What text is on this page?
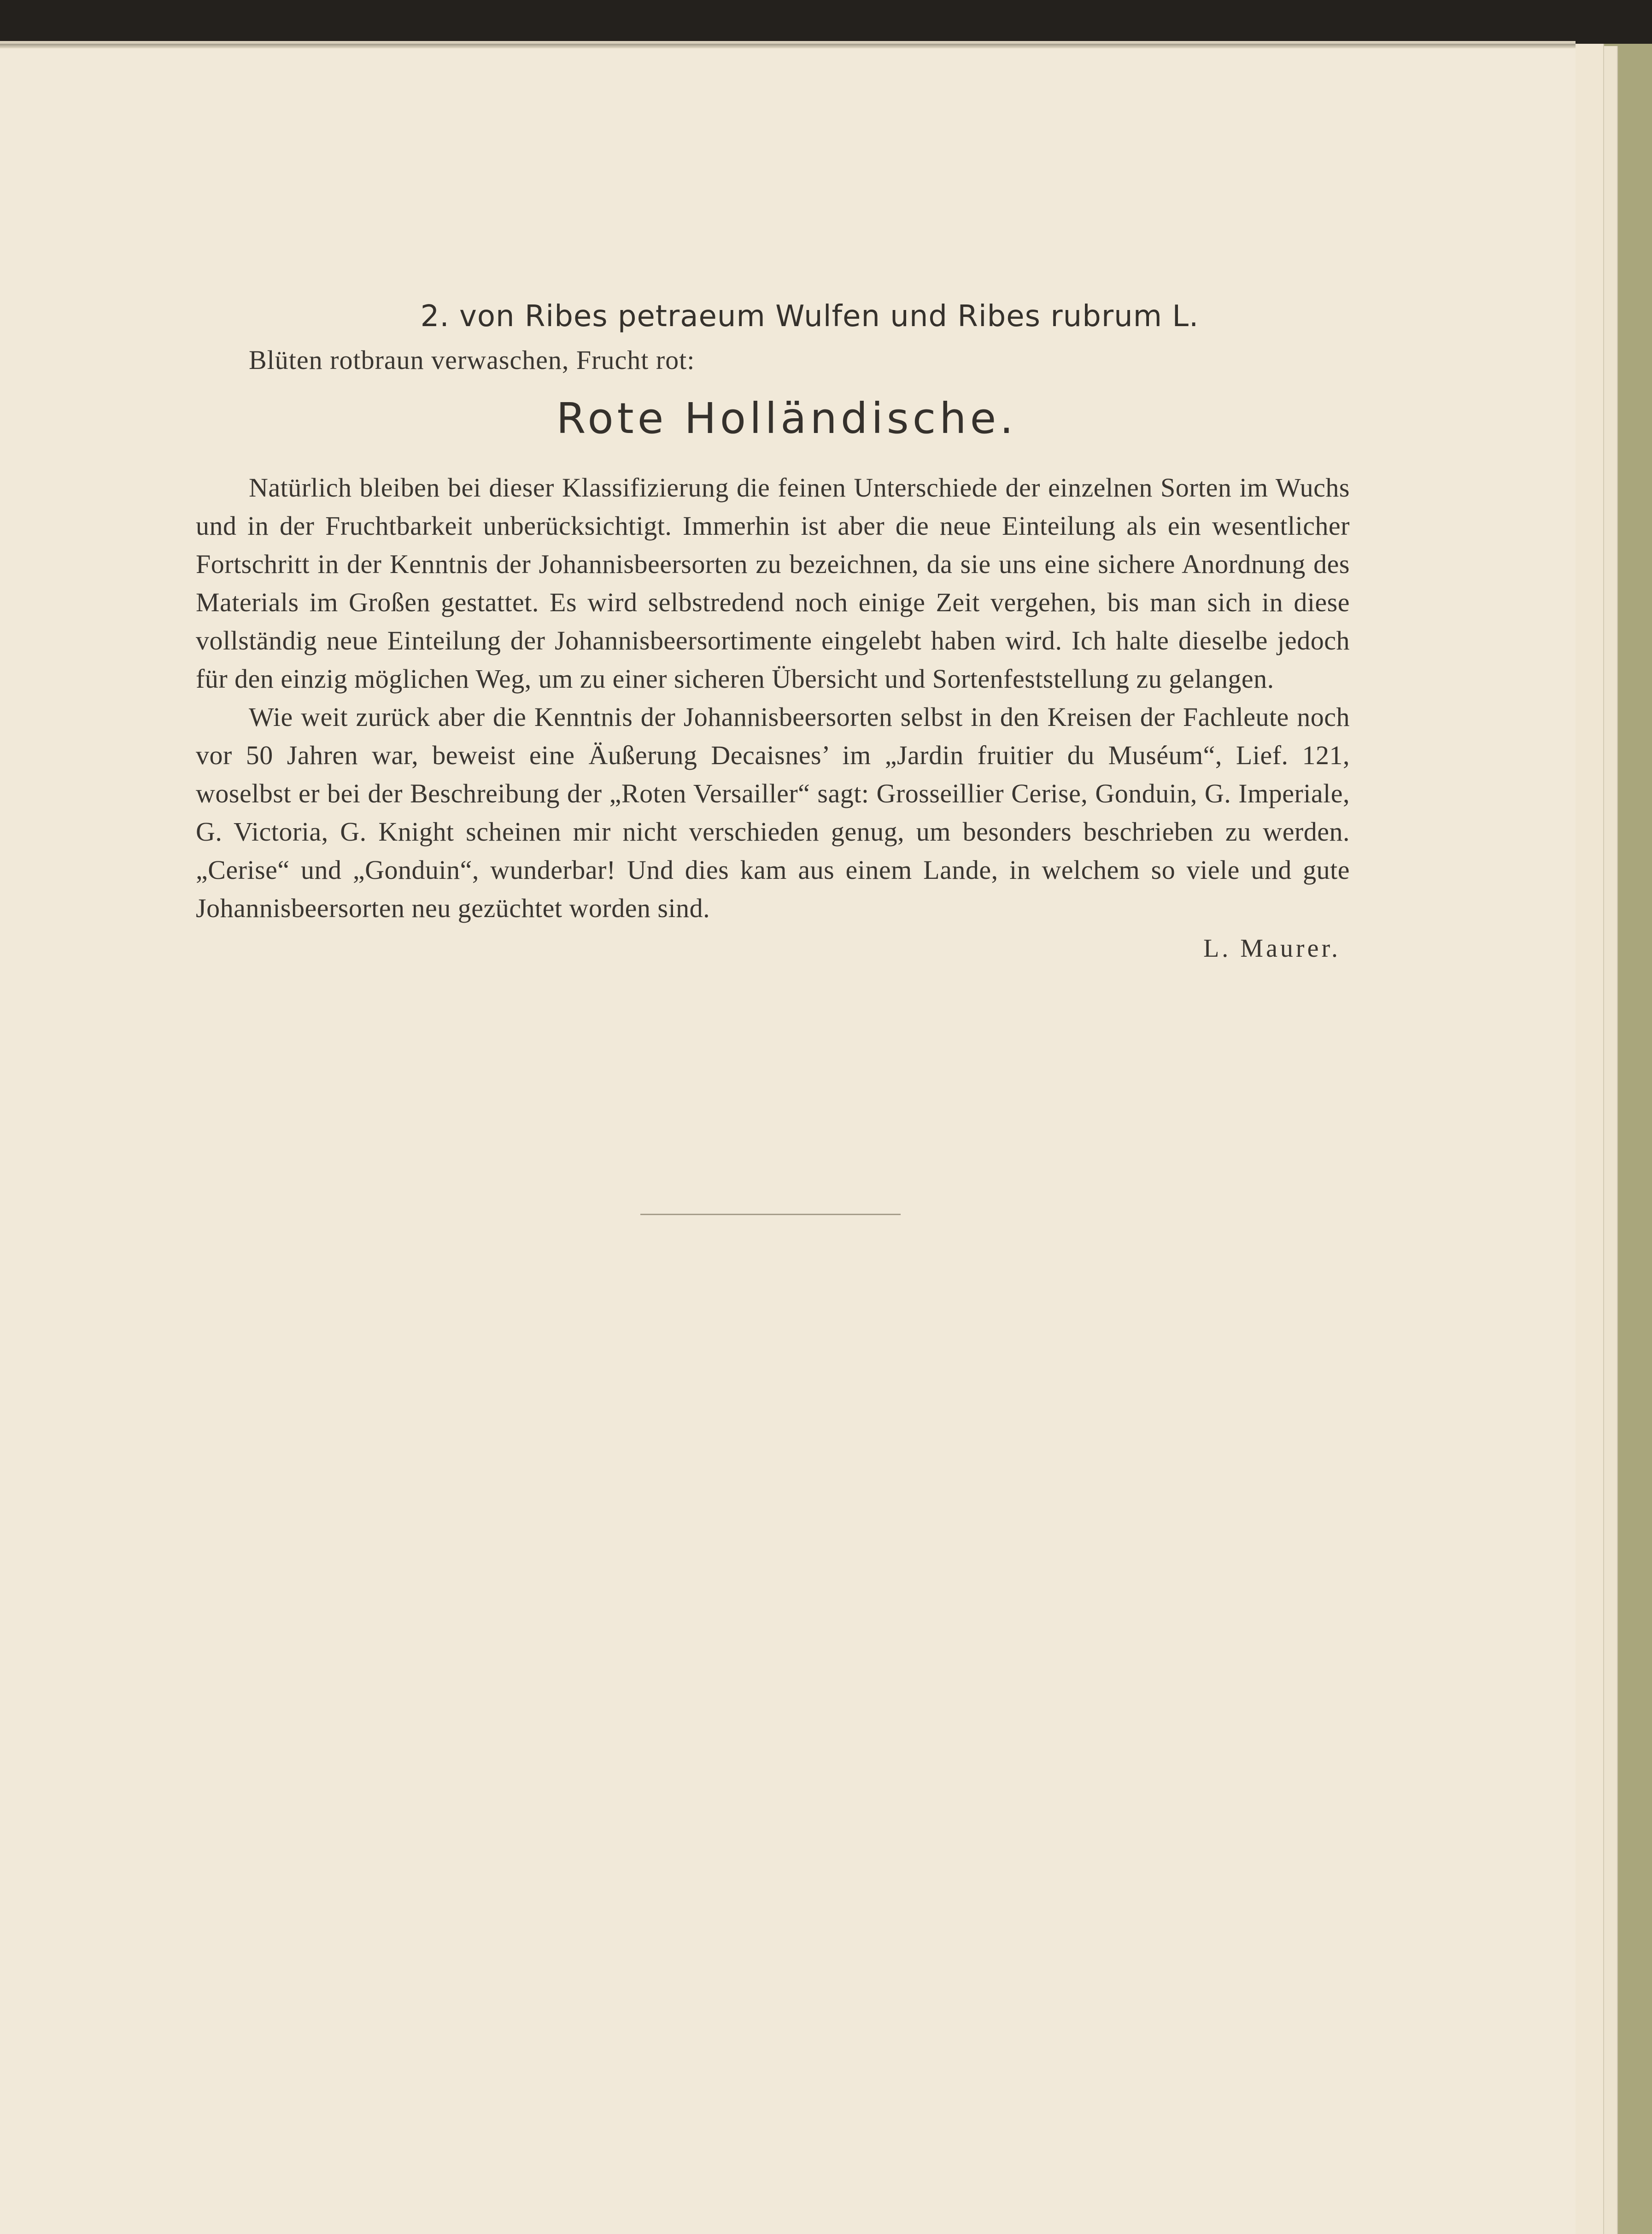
2. von Ribes petraeum Wulfen und Ribes rubrum L.
Blüten rotbraun verwaschen, Frucht rot:
Rote Holländische.

Natürlich bleiben bei dieser Klassifizierung die feinen Unterschiede der einzelnen Sorten im Wuchs und in der Fruchtbarkeit unberücksichtigt. Immerhin ist aber die neue Einteilung als ein wesentlicher Fortschritt in der Kenntnis der Johannisbeersorten zu bezeichnen, da sie uns eine sichere Anordnung des Materials im Großen gestattet. Es wird selbstredend noch einige Zeit vergehen, bis man sich in diese vollständig neue Einteilung der Johannisbeersortimente eingelebt haben wird. Ich halte dieselbe jedoch für den einzig möglichen Weg, um zu einer sicheren Übersicht und Sortenfeststellung zu gelangen.

Wie weit zurück aber die Kenntnis der Johannisbeersorten selbst in den Kreisen der Fachleute noch vor 50 Jahren war, beweist eine Äußerung Decaisnes’ im „Jardin fruitier du Muséum“, Lief. 121, woselbst er bei der Beschreibung der „Roten Versailler“ sagt: Grosseillier Cerise, Gonduin, G. Imperiale, G. Victoria, G. Knight scheinen mir nicht verschieden genug, um besonders beschrieben zu werden. „Cerise“ und „Gonduin“, wunderbar! Und dies kam aus einem Lande, in welchem so viele und gute Johannisbeersorten neu gezüchtet worden sind.

L. Maurer.
